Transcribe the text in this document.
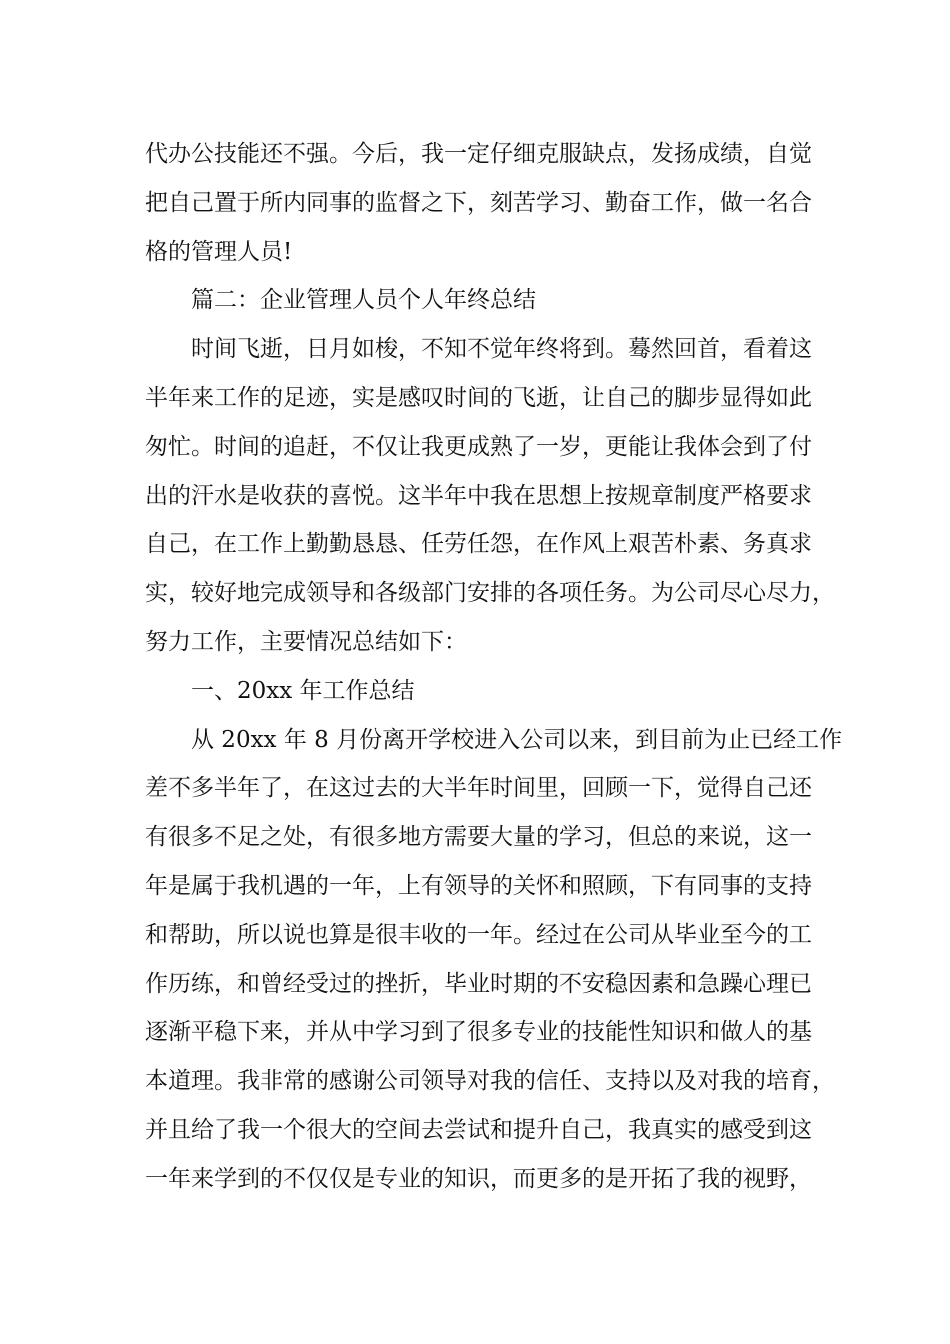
代办公技能还不强。今后，我一定仔细克服缺点，发扬成绩，自觉
把自己置于所内同事的监督之下，刻苦学习、勤奋工作，做一名合
格的管理人员!
篇二：企业管理人员个人年终总结
时间飞逝，日月如梭，不知不觉年终将到。蓦然回首，看着这
半年来工作的足迹，实是感叹时间的飞逝，让自己的脚步显得如此
匆忙。时间的追赶，不仅让我更成熟了一岁，更能让我体会到了付
出的汗水是收获的喜悦。这半年中我在思想上按规章制度严格要求
自己，在工作上勤勤恳恳、任劳任怨，在作风上艰苦朴素、务真求
实，较好地完成领导和各级部门安排的各项任务。为公司尽心尽力，
努力工作，主要情况总结如下：
一、20xx 年工作总结
从 20xx 年 8 月份离开学校进入公司以来，到目前为止已经工作
差不多半年了，在这过去的大半年时间里，回顾一下，觉得自己还
有很多不足之处，有很多地方需要大量的学习，但总的来说，这一
年是属于我机遇的一年，上有领导的关怀和照顾，下有同事的支持
和帮助，所以说也算是很丰收的一年。经过在公司从毕业至今的工
作历练，和曾经受过的挫折，毕业时期的不安稳因素和急躁心理已
逐渐平稳下来，并从中学习到了很多专业的技能性知识和做人的基
本道理。我非常的感谢公司领导对我的信任、支持以及对我的培育，
并且给了我一个很大的空间去尝试和提升自己，我真实的感受到这
一年来学到的不仅仅是专业的知识，而更多的是开拓了我的视野，
